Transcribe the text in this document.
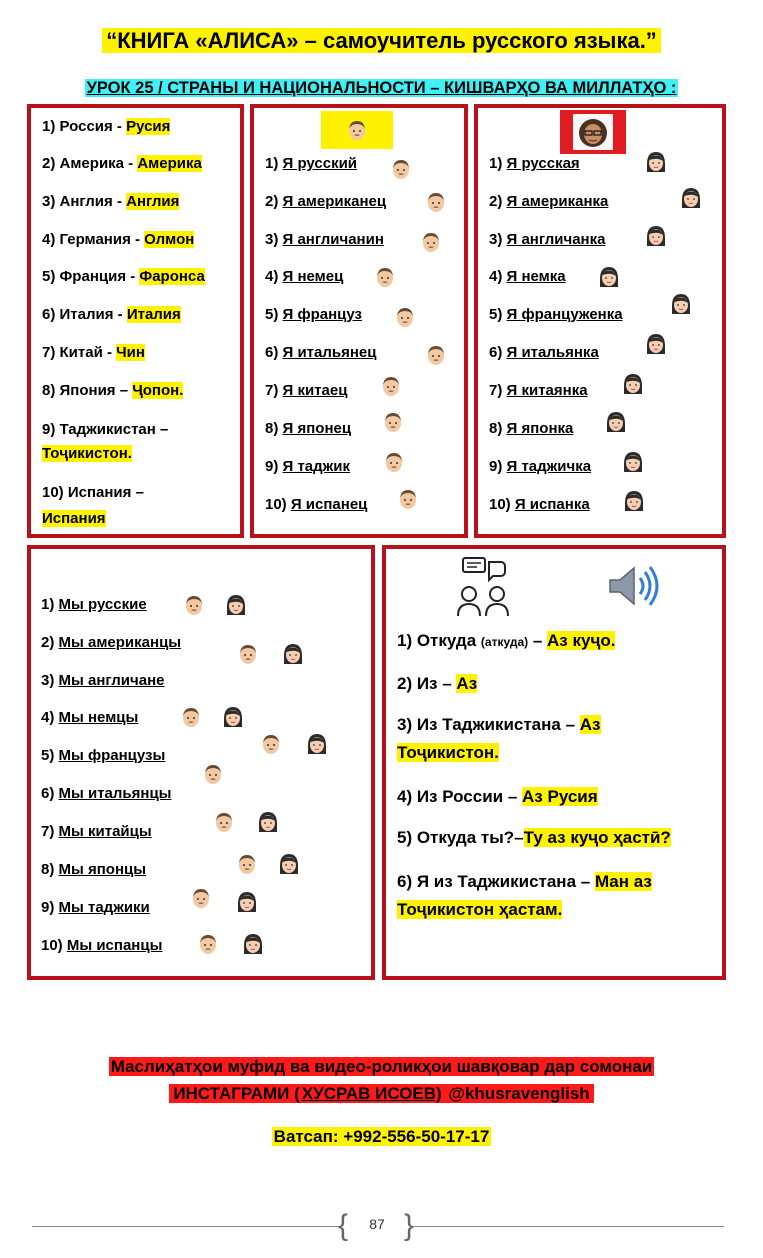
“КНИГА «АЛИСА» – самоучитель русского языка.”
УРОК 25 / СТРАНЫ И НАЦИОНАЛЬНОСТИ – КИШВАРҲО ВА МИЛЛАТҲО :
1) Россия - Русия
2) Америка - Америка
3) Англия - Англия
4) Германия - Олмон
5) Франция - Фаронса
6) Италия - Италия
7) Китай - Чин
8) Япония – Ҷопон.
9) Таджикистан –
Тоҷикистон.
10) Испания –
Испания
1) Я русский
2) Я американец
3) Я англичанин
4) Я немец
5) Я француз
6) Я итальянец
7) Я китаец
8) Я японец
9) Я таджик
10) Я испанец
1) Я русская
2) Я американка
3) Я англичанка
4) Я немка
5) Я француженка
6) Я итальянка
7) Я китаянка
8) Я японка
9) Я таджичка
10) Я испанка
1) Мы русские
2) Мы американцы
3) Мы англичане
4) Мы немцы
5) Мы французы
6) Мы итальянцы
7) Мы китайцы
8) Мы японцы
9) Мы таджики
10) Мы испанцы
1) Откуда (аткуда) – Аз куҷо.
2) Из – Аз
3) Из Таджикистана – Аз
Тоҷикистон.
4) Из России – Аз Русия
5) Откуда ты?–Ту аз куҷо ҳастӣ?
6) Я из Таджикистана – Ман аз
Тоҷикистон ҳастам.
Маслиҳатҳои муфид ва видео-роликҳои шавқовар дар сомонаи
ИНСТАГРАМИ ( ХУСРАВ ИСОЕВ) @khusravenglish
Ватсап: +992-556-50-17-17
{ }
87
